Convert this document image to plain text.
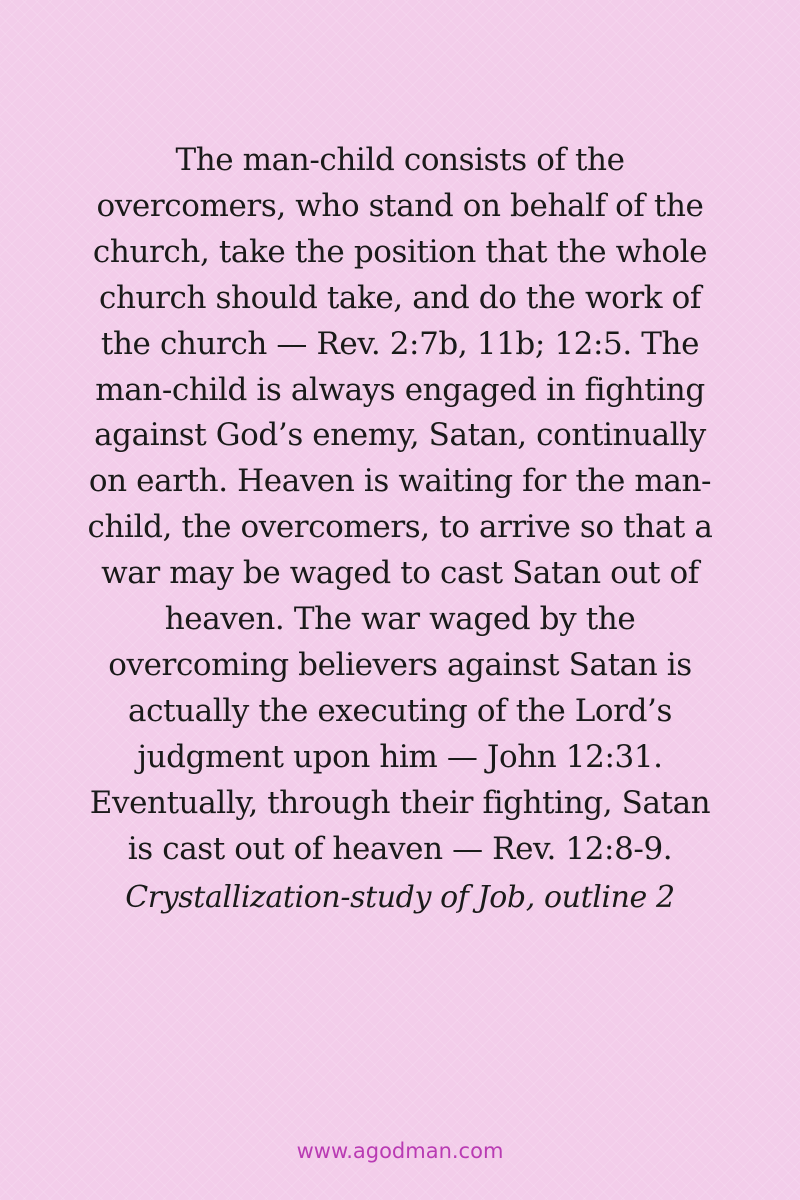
The man-child consists of the
overcomers, who stand on behalf of the
church, take the position that the whole
church should take, and do the work of
the church — Rev. 2:7b, 11b; 12:5. The
man-child is always engaged in fighting
against God’s enemy, Satan, continually
on earth. Heaven is waiting for the man-
child, the overcomers, to arrive so that a
war may be waged to cast Satan out of
heaven. The war waged by the
overcoming believers against Satan is
actually the executing of the Lord’s
judgment upon him — John 12:31.
Eventually, through their fighting, Satan
is cast out of heaven — Rev. 12:8-9.
Crystallization-study of Job, outline 2
www.agodman.com
